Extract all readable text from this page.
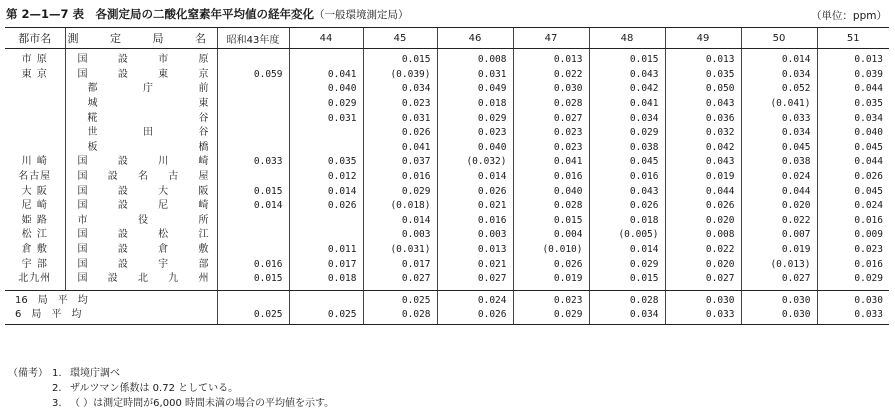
第 2—1—7 表　各測定局の二酸化窒素年平均値の経年変化（一般環境測定局）	（単位：ppm）
都市名	測 定 局 名	昭和43年度	44	45	46	47	48	49	50	51
市 原	国 設 市 原			0.015	0.008	0.013	0.015	0.013	0.014	0.013
東 京	国 設 東 京	0.059	0.041	(0.039)	0.031	0.022	0.043	0.035	0.034	0.039
	都 庁 前		0.040	0.034	0.049	0.030	0.042	0.050	0.052	0.044
	城 東		0.029	0.023	0.018	0.028	0.041	0.043	(0.041)	0.035
	糀 谷		0.031	0.031	0.029	0.027	0.034	0.036	0.033	0.034
	世 田 谷			0.026	0.023	0.023	0.029	0.032	0.034	0.040
	板 橋			0.041	0.040	0.023	0.038	0.042	0.045	0.045
川 崎	国 設 川 崎	0.033	0.035	0.037	(0.032)	0.041	0.045	0.043	0.038	0.044
名古屋	国 設 名 古 屋		0.012	0.016	0.014	0.016	0.016	0.019	0.024	0.026
大 阪	国 設 大 阪	0.015	0.014	0.029	0.026	0.040	0.043	0.044	0.044	0.045
尼 崎	国 設 尼 崎	0.014	0.026	(0.018)	0.021	0.028	0.026	0.026	0.020	0.024
姫 路	市 役 所			0.014	0.016	0.015	0.018	0.020	0.022	0.016
松 江	国 設 松 江			0.003	0.003	0.004	(0.005)	0.008	0.007	0.009
倉 敷	国 設 倉 敷		0.011	(0.031)	0.013	(0.010)	0.014	0.022	0.019	0.023
宇 部	国 設 宇 部	0.016	0.017	0.017	0.021	0.026	0.029	0.020	(0.013)	0.016
北九州	国 設 北 九 州	0.015	0.018	0.027	0.027	0.019	0.015	0.027	0.027	0.029
16　局　平　均				0.025	0.024	0.023	0.028	0.030	0.030	0.030
6　局　平　均		0.025	0.025	0.028	0.026	0.029	0.034	0.033	0.030	0.033
（備考） 1. 環境庁調べ
2. ザルツマン係数は 0.72 としている。
3. （ ）は測定時間が6,000 時間未満の場合の平均値を示す。
